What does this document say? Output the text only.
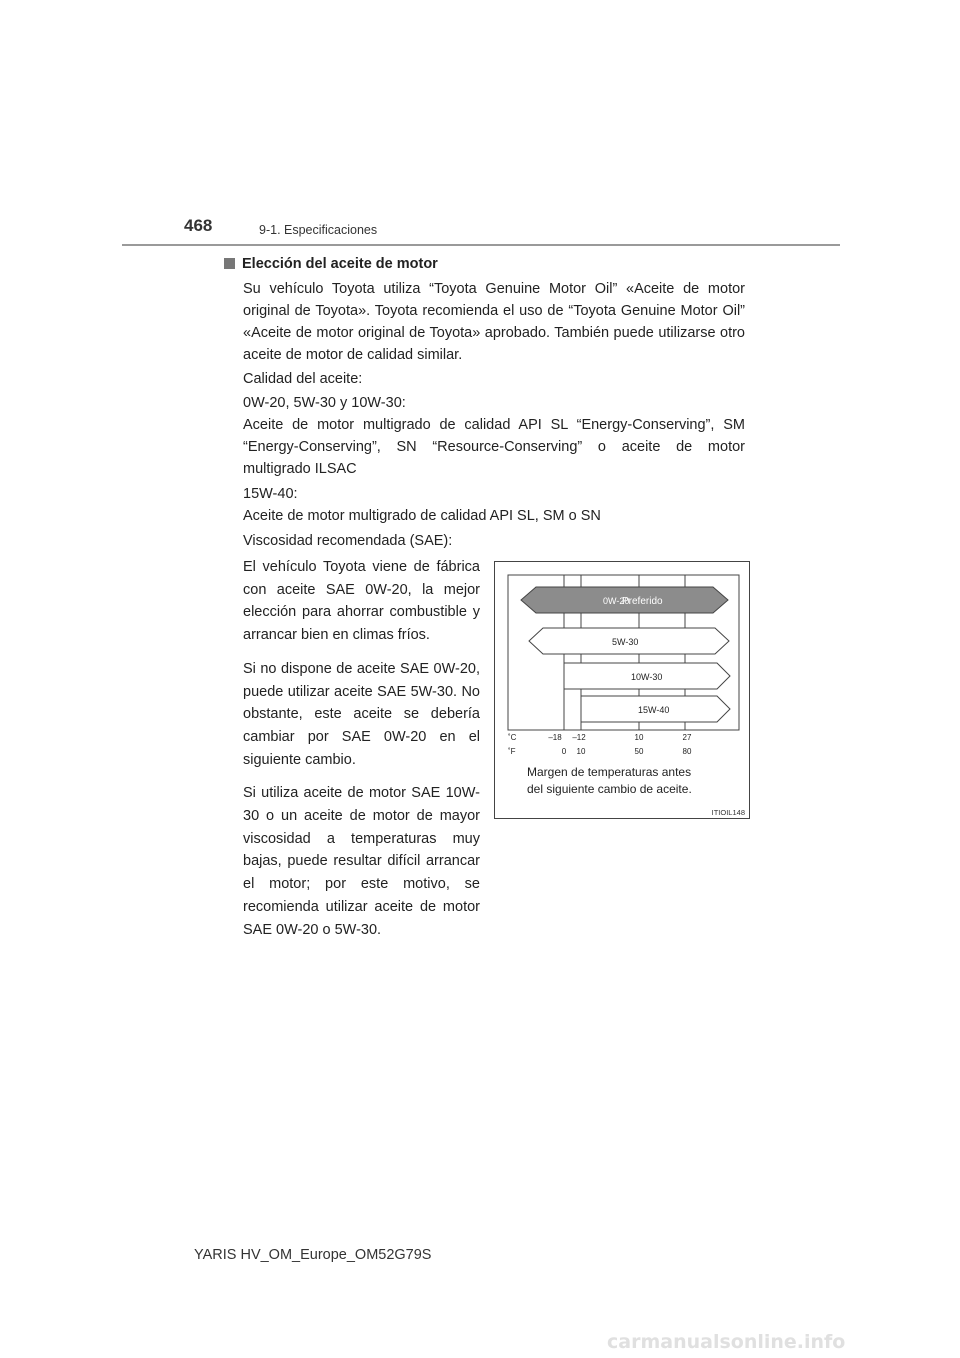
468	9-1. Especificaciones
Elección del aceite de motor
Su vehículo Toyota utiliza “Toyota Genuine Motor Oil” «Aceite de motor original de Toyota». Toyota recomienda el uso de “Toyota Genuine Motor Oil” «Aceite de motor original de Toyota» aprobado. También puede utilizarse otro aceite de motor de calidad similar.
Calidad del aceite:
0W-20, 5W-30 y 10W-30:
Aceite de motor multigrado de calidad API SL “Energy-Conserving”, SM “Energy-Conserving”, SN “Resource-Conserving” o aceite de motor multigrado ILSAC
15W-40:
Aceite de motor multigrado de calidad API SL, SM o SN
Viscosidad recomendada (SAE):

El vehículo Toyota viene de fábrica con aceite SAE 0W-20, la mejor elección para ahorrar combustible y arrancar bien en climas fríos.

Si no dispone de aceite SAE 0W-20, puede utilizar aceite SAE 5W-30. No obstante, este aceite se debería cambiar por SAE 0W-20 en el siguiente cambio.

Si utiliza aceite de motor SAE 10W-30 o un aceite de motor de mayor viscosidad a temperaturas muy bajas, puede resultar difícil arrancar el motor; por este motivo, se recomienda utilizar aceite de motor SAE 0W-20 o 5W-30.

0W-20
Preferido
5W-30
10W-30
15W-40
˚C
˚F
–18 –12	10	27
0 10	50	80
Margen de temperaturas antes
del siguiente cambio de aceite.
ITIOIL148
YARIS HV_OM_Europe_OM52G79S
carmanualsonline.info
